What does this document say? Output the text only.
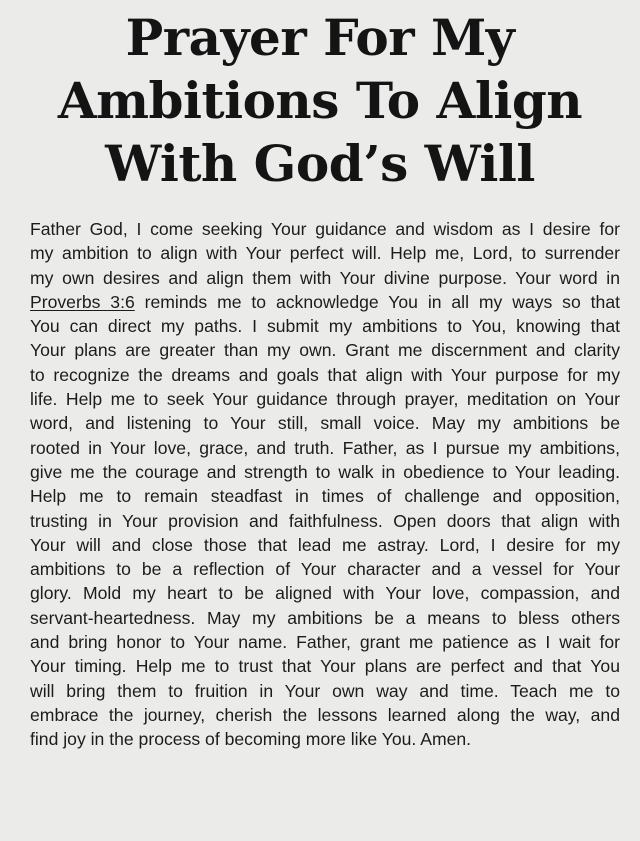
Prayer For My
Ambitions To Align
With God’s Will
Father God, I come seeking Your guidance and wisdom as I desire for
my ambition to align with Your perfect will. Help me, Lord, to surrender
my own desires and align them with Your divine purpose. Your word in
Proverbs 3:6 reminds me to acknowledge You in all my ways so that
You can direct my paths. I submit my ambitions to You, knowing that
Your plans are greater than my own. Grant me discernment and clarity
to recognize the dreams and goals that align with Your purpose for my
life. Help me to seek Your guidance through prayer, meditation on Your
word, and listening to Your still, small voice. May my ambitions be
rooted in Your love, grace, and truth. Father, as I pursue my ambitions,
give me the courage and strength to walk in obedience to Your leading.
Help me to remain steadfast in times of challenge and opposition,
trusting in Your provision and faithfulness. Open doors that align with
Your will and close those that lead me astray. Lord, I desire for my
ambitions to be a reflection of Your character and a vessel for Your
glory. Mold my heart to be aligned with Your love, compassion, and
servant-heartedness. May my ambitions be a means to bless others
and bring honor to Your name. Father, grant me patience as I wait for
Your timing. Help me to trust that Your plans are perfect and that You
will bring them to fruition in Your own way and time. Teach me to
embrace the journey, cherish the lessons learned along the way, and
find joy in the process of becoming more like You. Amen.
